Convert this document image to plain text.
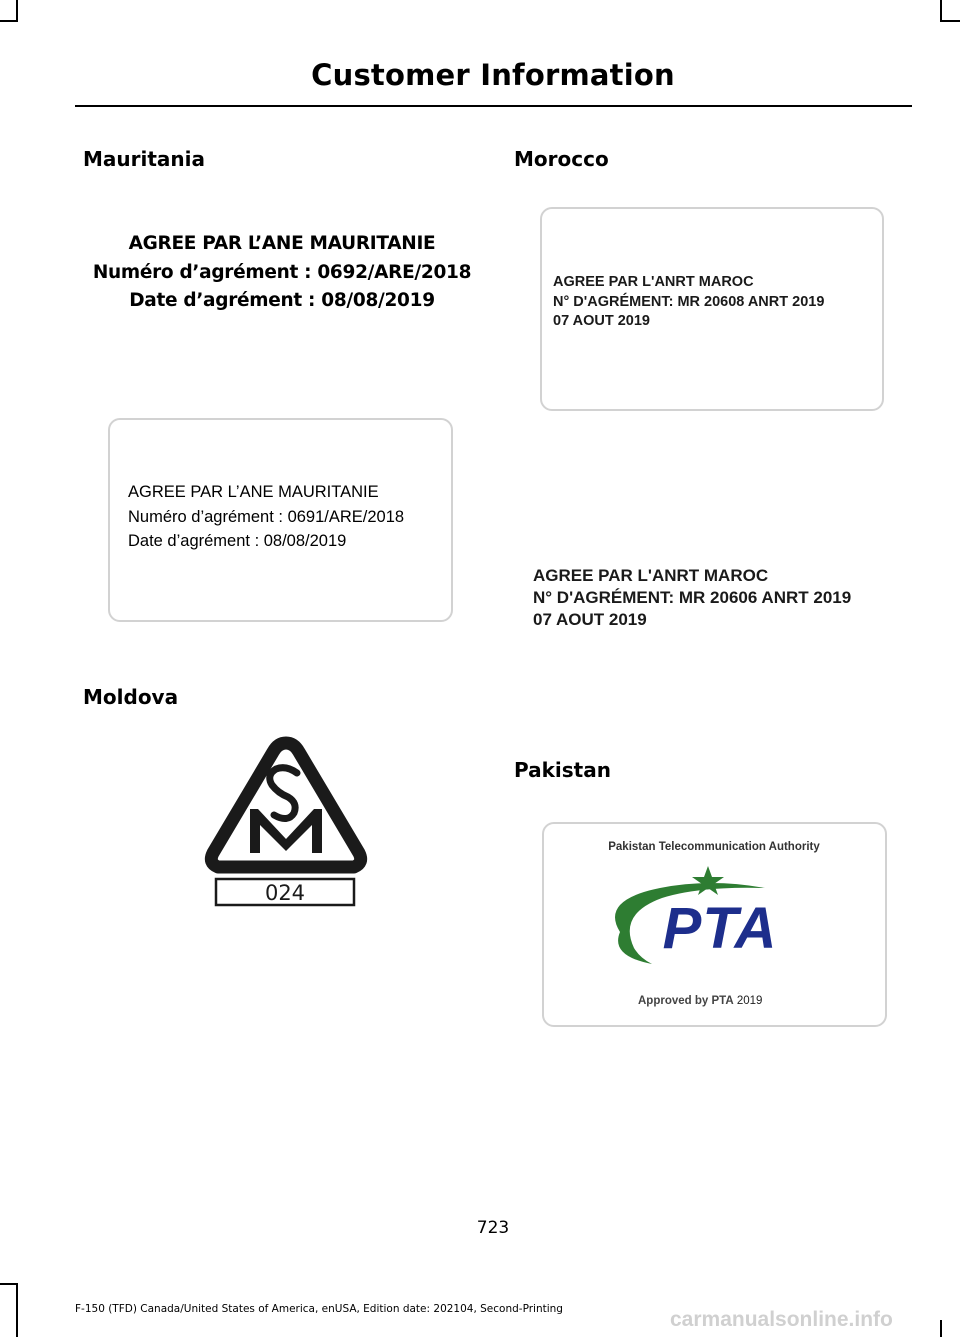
Customer Information
Mauritania
AGREE PAR L’ANE MAURITANIE
Numéro d’agrément : 0692/ARE/2018
Date d’agrément : 08/08/2019
AGREE PAR L’ANE MAURITANIE
Numéro d’agrément : 0691/ARE/2018
Date d’agrément : 08/08/2019
Moldova
024
Morocco
AGREE PAR L'ANRT MAROC
N° D'AGRÉMENT: MR 20608 ANRT 2019
07 AOUT 2019
AGREE PAR L'ANRT MAROC
N° D'AGRÉMENT: MR 20606 ANRT 2019
07 AOUT 2019
Pakistan
Pakistan Telecommunication Authority
PTA
Approved by PTA 2019
723
F-150 (TFD) Canada/United States of America, enUSA, Edition date: 202104, Second-Printing	carmanualsonline.info
